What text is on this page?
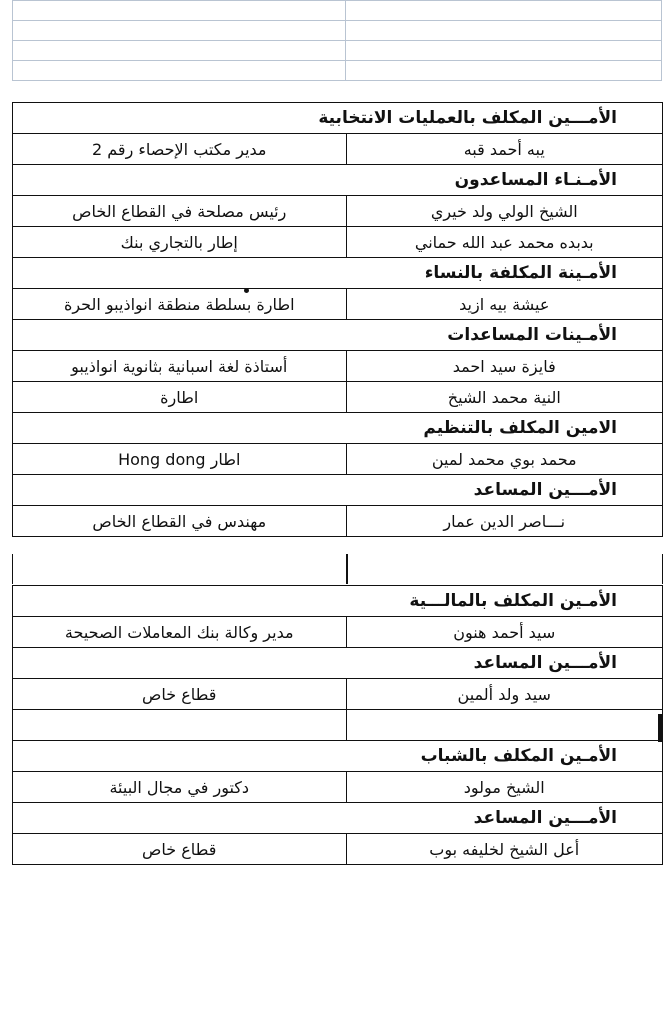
	الأمـــين المكلف بالعمليات الانتخابية
مدير مكتب الإحصاء رقم 2	يبه أحمد قبه
	الأمـنـاء المساعدون
رئيس مصلحة في القطاع الخاص	الشيخ الولي ولد خيري
إطار بالتجاري بنك	بدبده محمد عبد الله حماني
	الأمـينة المكلفة بالنساء
اطارة بسلطة منطقة انواذيبو الحرة	عيشة بيه ازيد
	الأمـينات المساعدات
أستاذة لغة اسبانية بثانوية انواذيبو	فايزة سيد احمد
اطارة	النية محمد الشيخ
	الامين المكلف بالتنظيم
اطار Hong dong	محمد بوي محمد لمين
	الأمـــين المساعد
مهندس في القطاع الخاص	نـــاصر الدين عمار
	الأمـين المكلف بالمالـــية
مدير وكالة بنك المعاملات الصحيحة	سيد أحمد هنون
	الأمـــين المساعد
قطاع خاص	سيد ولد ألمين

	الأمـين المكلف بالشباب
دكتور في مجال البيئة	الشيخ مولود
	الأمـــين المساعد
قطاع خاص	أعل الشيخ لخليفه بوب
